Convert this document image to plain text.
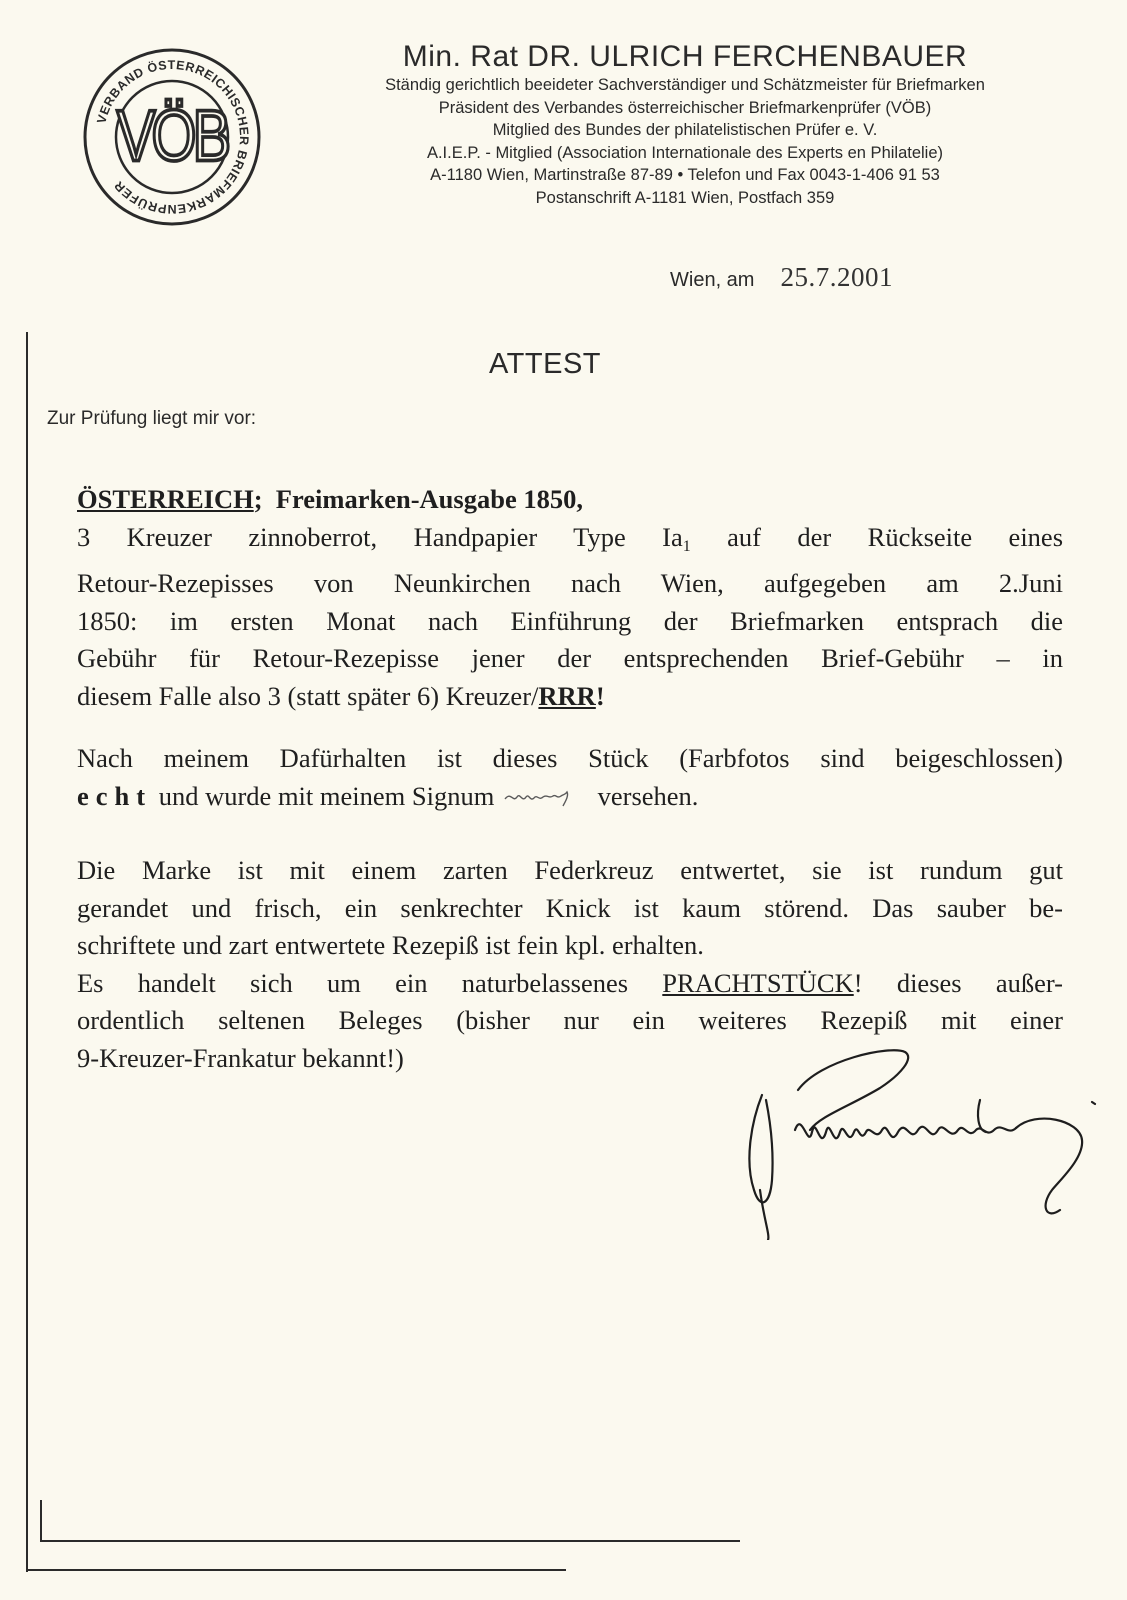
VERBAND ÖSTERREICHISCHER BRIEFMARKENPRÜFER
VÖB
Min. Rat DR. ULRICH FERCHENBAUER
Ständig gerichtlich beeideter Sachverständiger und Schätzmeister für Briefmarken
Präsident des Verbandes österreichischer Briefmarkenprüfer (VÖB)
Mitglied des Bundes der philatelistischen Prüfer e. V.
A.I.E.P. - Mitglied (Association Internationale des Experts en Philatelie)
A-1180 Wien, Martinstraße 87-89 • Telefon und Fax 0043-1-406 91 53
Postanschrift A-1181 Wien, Postfach 359
Wien, am 25.7.2001
ATTEST
Zur Prüfung liegt mir vor:
ÖSTERREICH; Freimarken-Ausgabe 1850,
3 Kreuzer zinnoberrot, Handpapier Type $Ia_1$ auf der Rückseite eines
Retour-Rezepisses von Neunkirchen nach Wien, aufgegeben am 2.Juni
1850: im ersten Monat nach Einführung der Briefmarken entsprach die
Gebühr für Retour-Rezepisse jener der entsprechenden Brief-Gebühr – in
diesem Falle also 3 (statt später 6) Kreuzer/RRR!
Nach meinem Dafürhalten ist dieses Stück (Farbfotos sind beigeschlossen)
echt und wurde mit meinem Signum	versehen.
Die Marke ist mit einem zarten Federkreuz entwertet, sie ist rundum gut
gerandet und frisch, ein senkrechter Knick ist kaum störend. Das sauber be-
schriftete und zart entwertete Rezepiß ist fein kpl. erhalten.
Es handelt sich um ein naturbelassenes PRACHTSTÜCK! dieses außer-
ordentlich seltenen Beleges (bisher nur ein weiteres Rezepiß mit einer
9-Kreuzer-Frankatur bekannt!)
